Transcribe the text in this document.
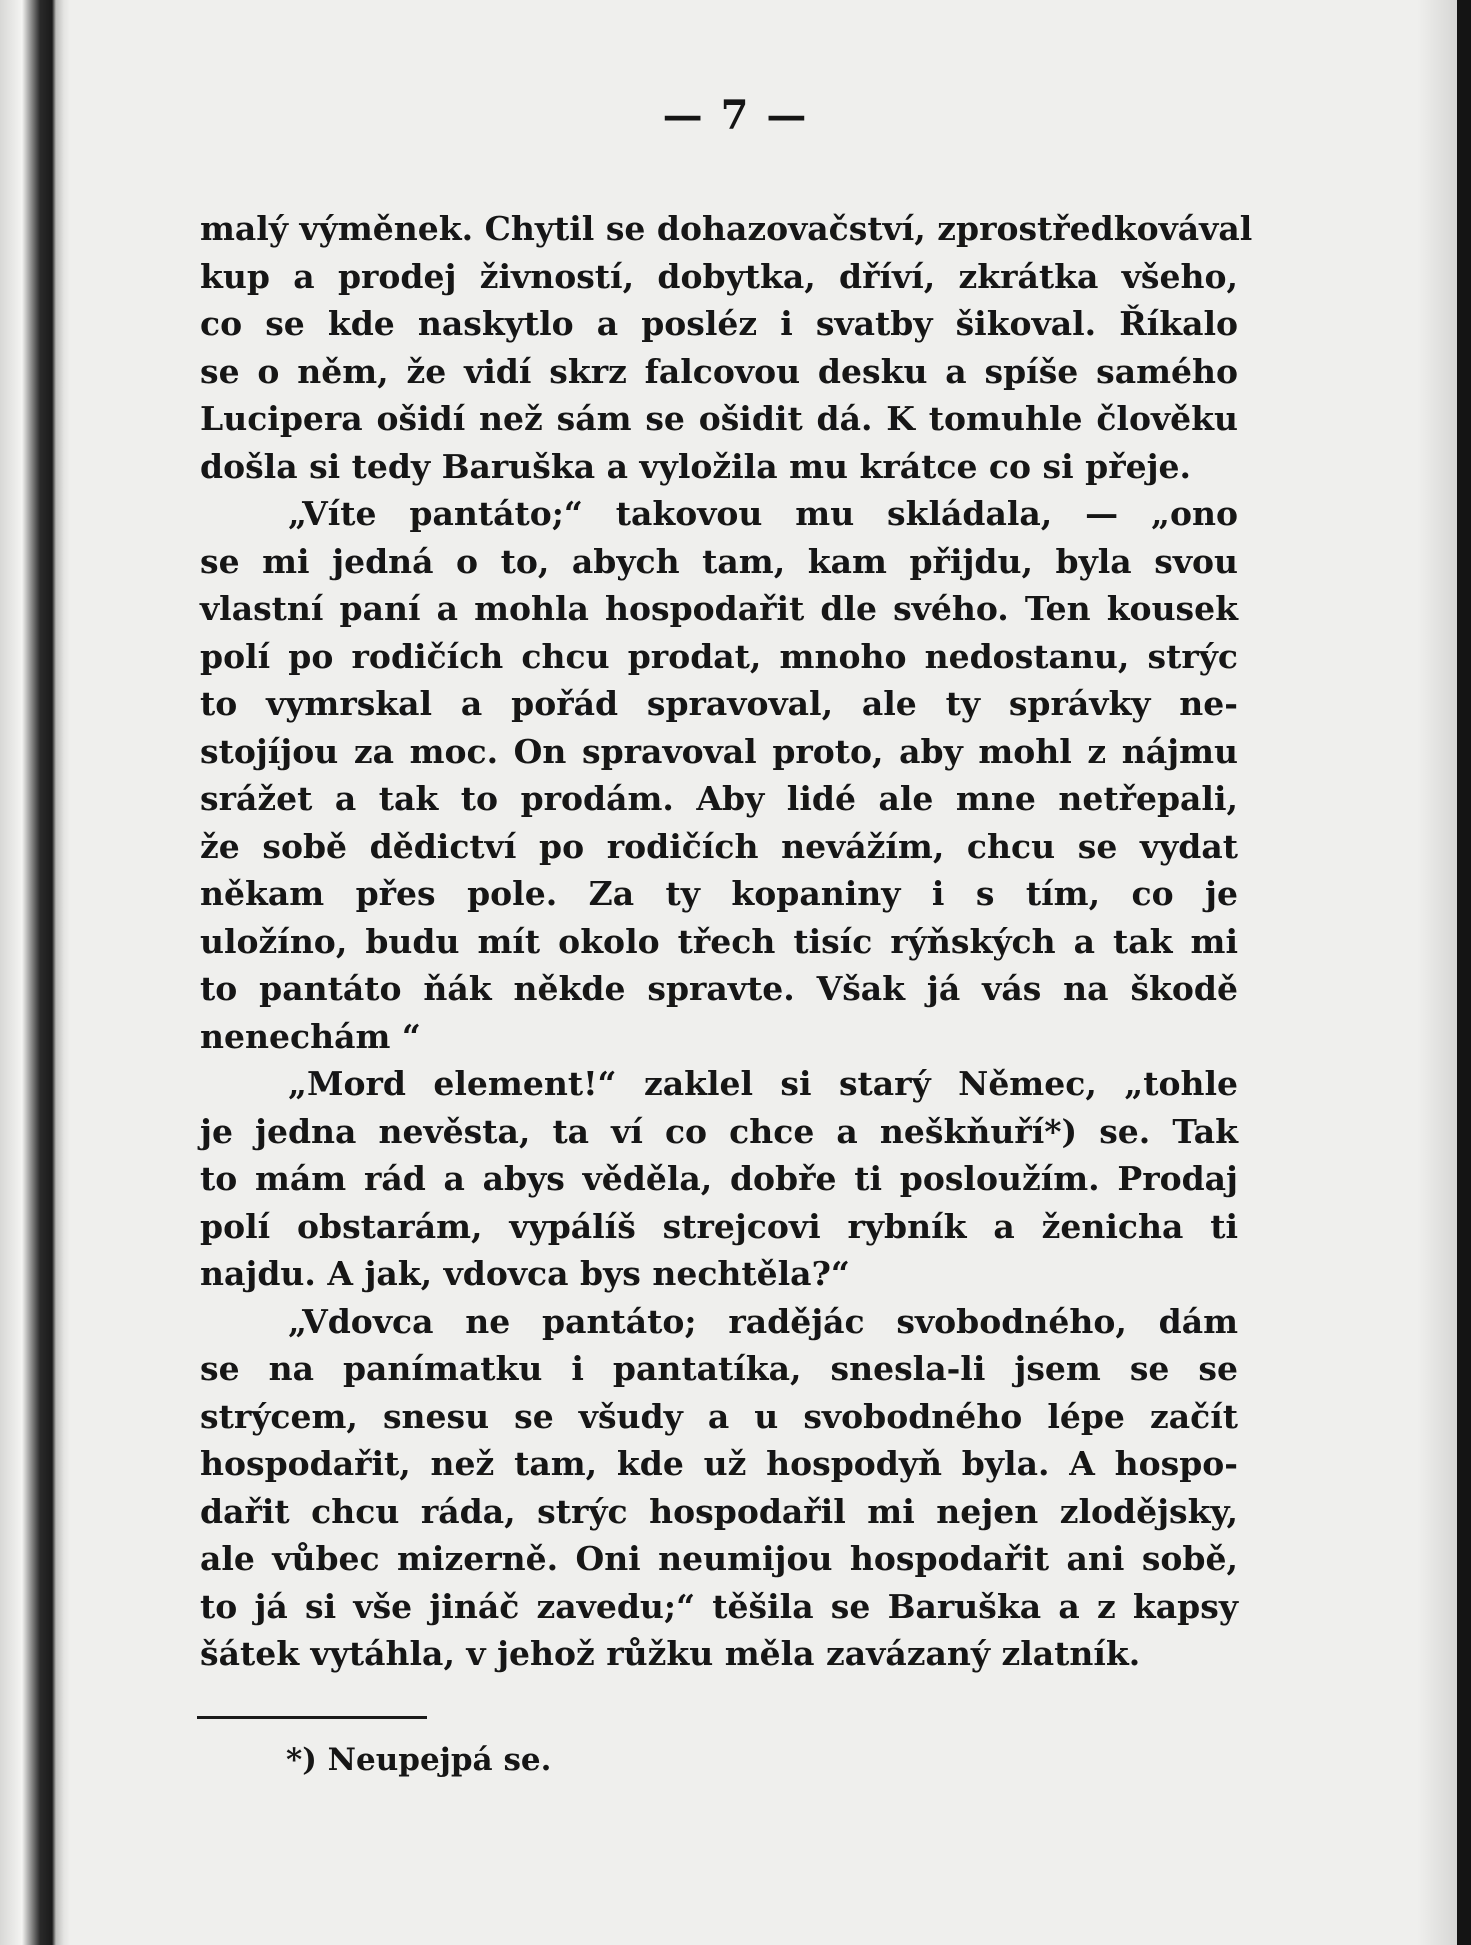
— 7 —
malý výměnek. Chytil se dohazovačství, zprostředkovával
kup a prodej živností, dobytka, dříví, zkrátka všeho,
co se kde naskytlo a posléz i svatby šikoval. Říkalo
se o něm, že vidí skrz falcovou desku a spíše samého
Lucipera ošidí než sám se ošidit dá. K tomuhle člověku
došla si tedy Baruška a vyložila mu krátce co si přeje.
„Víte pantáto;“ takovou mu skládala, — „ono
se mi jedná o to, abych tam, kam přijdu, byla svou
vlastní paní a mohla hospodařit dle svého. Ten kousek
polí po rodičích chcu prodat, mnoho nedostanu, strýc
to vymrskal a pořád spravoval, ale ty správky ne-
stojíjou za moc. On spravoval proto, aby mohl z nájmu
srážet a tak to prodám. Aby lidé ale mne netřepali,
že sobě dědictví po rodičích nevážím, chcu se vydat
někam přes pole. Za ty kopaniny i s tím, co je
uložíno, budu mít okolo třech tisíc rýňských a tak mi
to pantáto ňák někde spravte. Však já vás na škodě
nenechám “
„Mord element!“ zaklel si starý Němec, „tohle
je jedna nevěsta, ta ví co chce a neškňuří*) se. Tak
to mám rád a abys věděla, dobře ti posloužím. Prodaj
polí obstarám, vypálíš strejcovi rybník a ženicha ti
najdu. A jak, vdovca bys nechtěla?“
„Vdovca ne pantáto; radějác svobodného, dám
se na panímatku i pantatíka, snesla-li jsem se se
strýcem, snesu se všudy a u svobodného lépe začít
hospodařit, než tam, kde už hospodyň byla. A hospo-
dařit chcu ráda, strýc hospodařil mi nejen zlodějsky,
ale vůbec mizerně. Oni neumijou hospodařit ani sobě,
to já si vše jináč zavedu;“ těšila se Baruška a z kapsy
šátek vytáhla, v jehož růžku měla zavázaný zlatník.
*) Neupejpá se.
